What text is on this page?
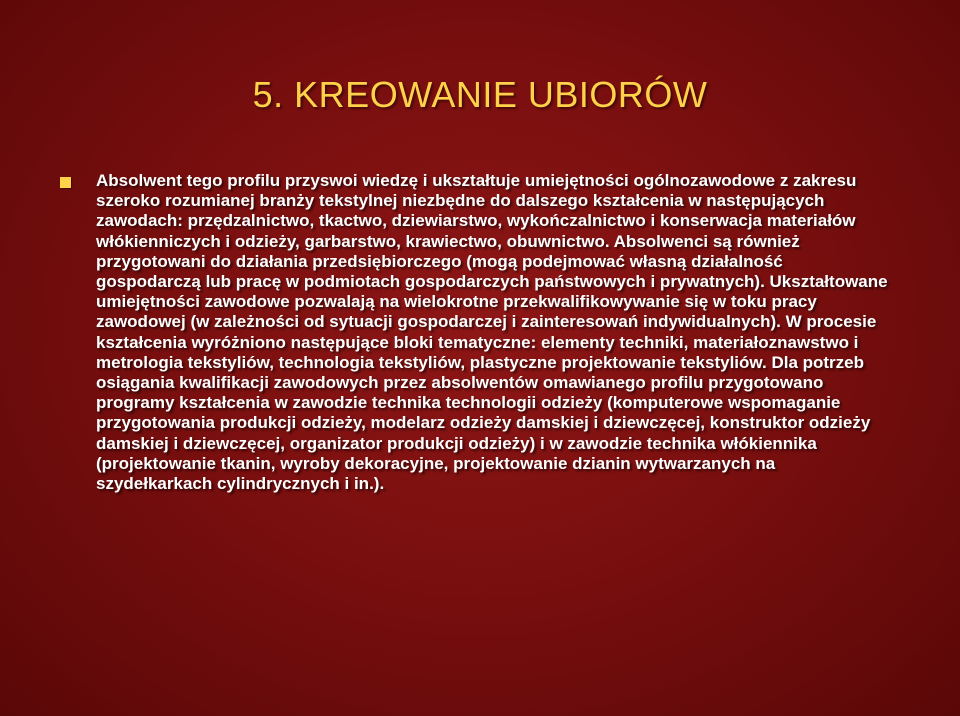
5. KREOWANIE UBIORÓW

Absolwent tego profilu przyswoi wiedzę i ukształtuje umiejętności ogólnozawodowe z zakresu szeroko rozumianej branży tekstylnej niezbędne do dalszego kształcenia w następujących zawodach: przędzalnictwo, tkactwo, dziewiarstwo, wykończalnictwo i konserwacja materiałów włókienniczych i odzieży, garbarstwo, krawiectwo, obuwnictwo. Absolwenci są również przygotowani do działania przedsiębiorczego (mogą podejmować własną działalność gospodarczą lub pracę w podmiotach gospodarczych państwowych i prywatnych). Ukształtowane umiejętności zawodowe pozwalają na wielokrotne przekwalifikowywanie się w toku pracy zawodowej (w zależności od sytuacji gospodarczej i zainteresowań indywidualnych). W procesie kształcenia wyróżniono następujące bloki tematyczne: elementy techniki, materiałoznawstwo i metrologia tekstyliów, technologia tekstyliów, plastyczne projektowanie tekstyliów. Dla potrzeb osiągania kwalifikacji zawodowych przez absolwentów omawianego profilu przygotowano programy kształcenia w zawodzie technika technologii odzieży (komputerowe wspomaganie przygotowania produkcji odzieży, modelarz odzieży damskiej i dziewczęcej, konstruktor odzieży damskiej i dziewczęcej, organizator produkcji odzieży) i w zawodzie technika włókiennika (projektowanie tkanin, wyroby dekoracyjne, projektowanie dzianin wytwarzanych na szydełkarkach cylindrycznych i in.).
